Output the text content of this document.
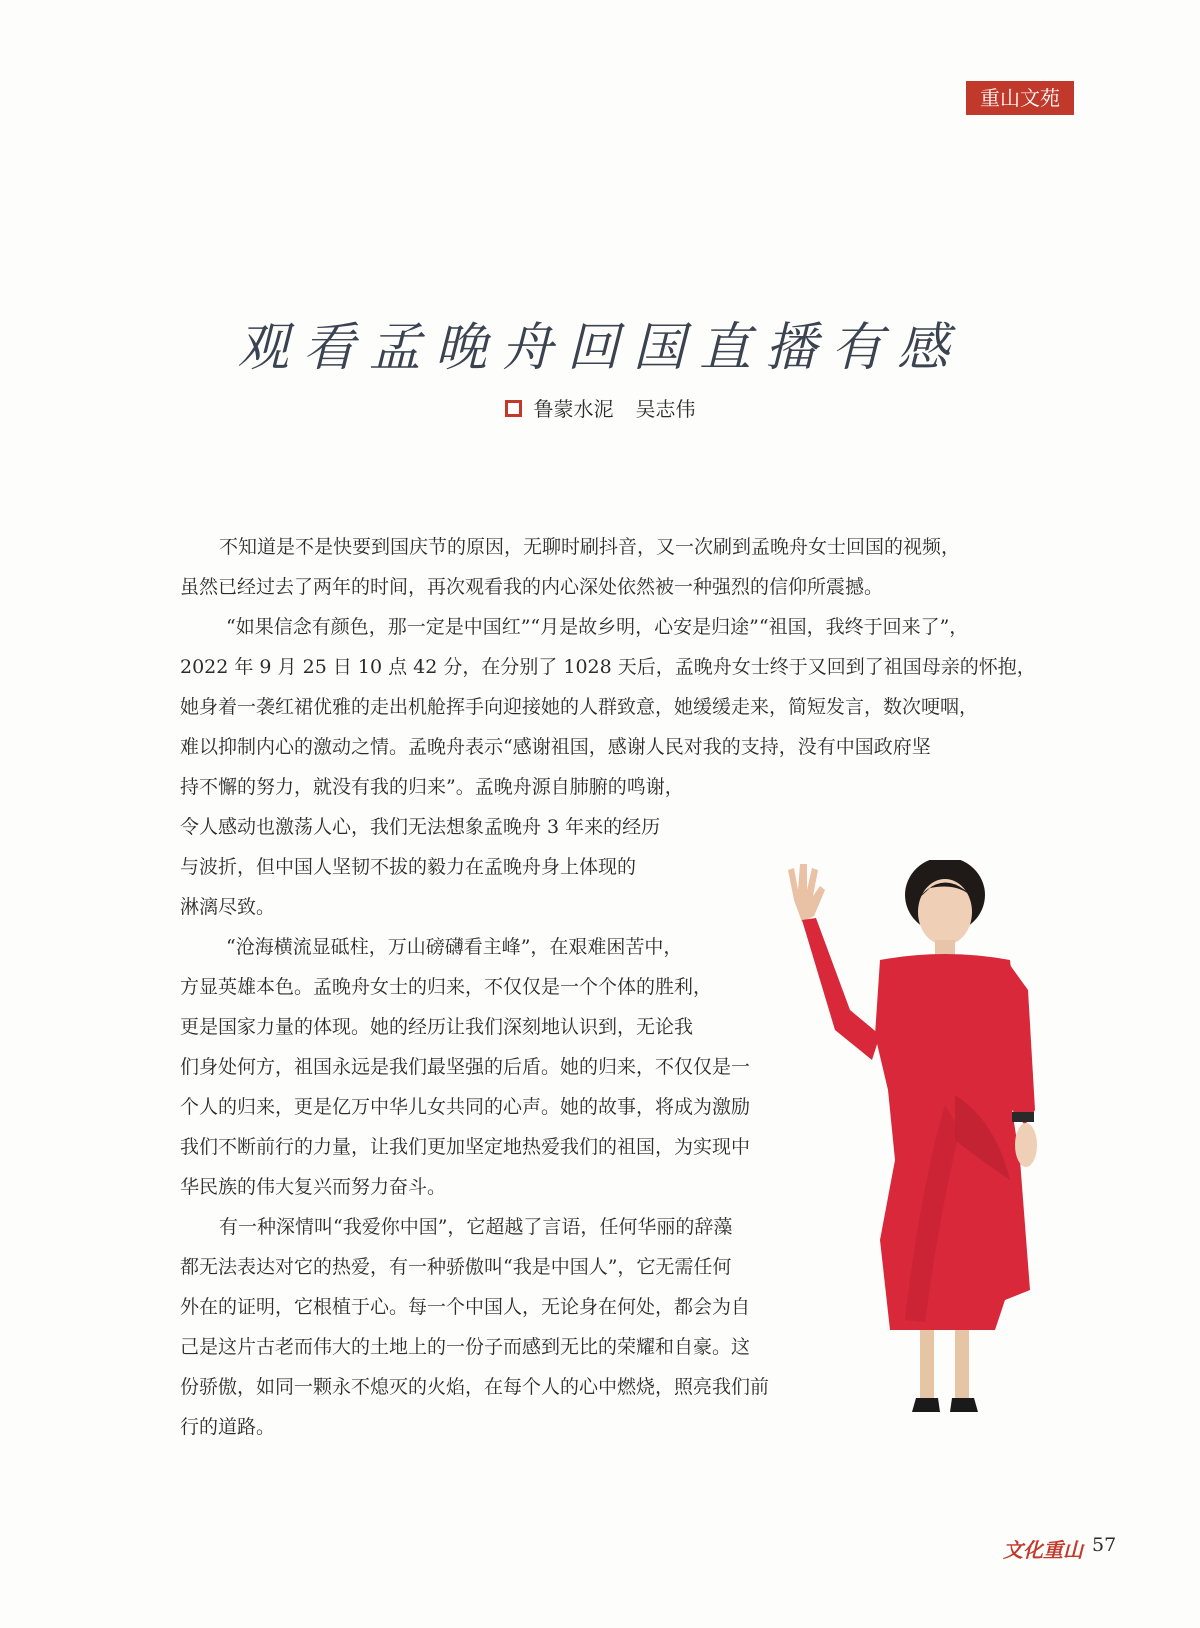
重山文苑
观看孟晚舟回国直播有感
鲁蒙水泥 吴志伟
不知道是不是快要到国庆节的原因，无聊时刷抖音，又一次刷到孟晚舟女士回国的视频，
虽然已经过去了两年的时间，再次观看我的内心深处依然被一种强烈的信仰所震撼。
“如果信念有颜色，那一定是中国红”“月是故乡明，心安是归途”“祖国，我终于回来了”，
2022 年 9 月 25 日 10 点 42 分，在分别了 1028 天后，孟晚舟女士终于又回到了祖国母亲的怀抱，
她身着一袭红裙优雅的走出机舱挥手向迎接她的人群致意，她缓缓走来，简短发言，数次哽咽，
难以抑制内心的激动之情。孟晚舟表示“感谢祖国，感谢人民对我的支持，没有中国政府坚
持不懈的努力，就没有我的归来”。孟晚舟源自肺腑的鸣谢，
令人感动也激荡人心，我们无法想象孟晚舟 3 年来的经历
与波折，但中国人坚韧不拔的毅力在孟晚舟身上体现的
淋漓尽致。
“沧海横流显砥柱，万山磅礴看主峰”，在艰难困苦中，
方显英雄本色。孟晚舟女士的归来，不仅仅是一个个体的胜利，
更是国家力量的体现。她的经历让我们深刻地认识到，无论我
们身处何方，祖国永远是我们最坚强的后盾。她的归来，不仅仅是一
个人的归来，更是亿万中华儿女共同的心声。她的故事，将成为激励
我们不断前行的力量，让我们更加坚定地热爱我们的祖国，为实现中
华民族的伟大复兴而努力奋斗。
有一种深情叫“我爱你中国”，它超越了言语，任何华丽的辞藻
都无法表达对它的热爱，有一种骄傲叫“我是中国人”，它无需任何
外在的证明，它根植于心。每一个中国人，无论身在何处，都会为自
己是这片古老而伟大的土地上的一份子而感到无比的荣耀和自豪。这
份骄傲，如同一颗永不熄灭的火焰，在每个人的心中燃烧，照亮我们前
行的道路。
文化重山 57
